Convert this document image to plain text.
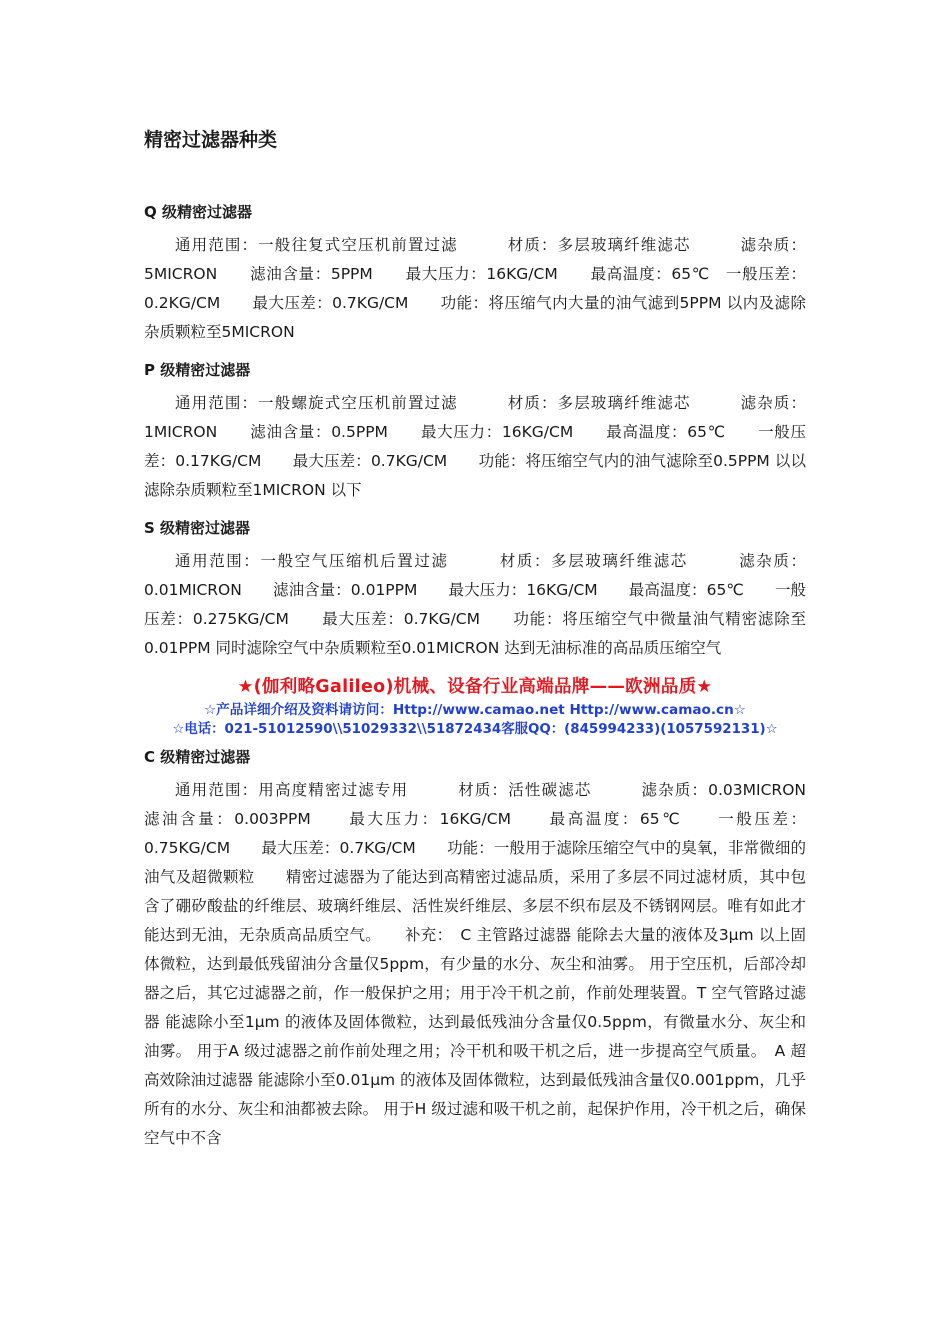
精密过滤器种类
Q 级精密过滤器

通用范围：一般往复式空压机前置过滤　　　材质：多层玻璃纤维滤芯　　　滤杂质：5MICRON　　滤油含量：5PPM　　最大压力：16KG/CM　　最高温度：65℃　一般压差：0.2KG/CM　　最大压差：0.7KG/CM　　功能：将压缩气内大量的油气滤到5PPM 以内及滤除杂质颗粒至5MICRON

P 级精密过滤器

通用范围：一般螺旋式空压机前置过滤　　　材质：多层玻璃纤维滤芯　　　滤杂质：1MICRON　　滤油含量：0.5PPM　　最大压力：16KG/CM　　最高温度：65℃　　一般压差：0.17KG/CM　　最大压差：0.7KG/CM　　功能：将压缩空气内的油气滤除至0.5PPM 以以滤除杂质颗粒至1MICRON 以下

S 级精密过滤器

通用范围：一般空气压缩机后置过滤　　　材质：多层玻璃纤维滤芯　　　滤杂质：0.01MICRON　　滤油含量：0.01PPM　　最大压力：16KG/CM　　最高温度：65℃　　一般压差：0.275KG/CM　　最大压差：0.7KG/CM　　功能：将压缩空气中微量油气精密滤除至0.01PPM 同时滤除空气中杂质颗粒至0.01MICRON 达到无油标准的高品质压缩空气

★(伽利略Galileo)机械、设备行业高端品牌——欧洲品质★
☆产品详细介绍及资料请访问：Http://www.camao.net Http://www.camao.cn☆
☆电话：021-51012590\\51029332\\51872434客服QQ：(845994233)(1057592131)☆
C 级精密过滤器

通用范围：用高度精密过滤专用　　　材质：活性碳滤芯　　　滤杂质：0.03MICRON　　滤油含量：0.003PPM　　最大压力：16KG/CM　　最高温度：65℃　　一般压差：0.75KG/CM　　最大压差：0.7KG/CM　　功能：一般用于滤除压缩空气中的臭氧，非常微细的油气及超微颗粒　　精密过滤器为了能达到高精密过滤品质，采用了多层不同过滤材质，其中包含了硼矽酸盐的纤维层、玻璃纤维层、活性炭纤维层、多层不织布层及不锈钢网层。唯有如此才能达到无油，无杂质高品质空气。　　补充：　C 主管路过滤器 能除去大量的液体及3μm 以上固体微粒，达到最低残留油分含量仅5ppm，有少量的水分、灰尘和油雾。 用于空压机，后部冷却器之后，其它过滤器之前，作一般保护之用；用于冷干机之前，作前处理装置。T 空气管路过滤器 能滤除小至1μm 的液体及固体微粒，达到最低残油分含量仅0.5ppm，有微量水分、灰尘和油雾。 用于A 级过滤器之前作前处理之用；冷干机和吸干机之后，进一步提高空气质量。　A 超高效除油过滤器 能滤除小至0.01μm 的液体及固体微粒，达到最低残油含量仅0.001ppm，几乎所有的水分、灰尘和油都被去除。 用于H 级过滤和吸干机之前，起保护作用，冷干机之后，确保空气中不含
